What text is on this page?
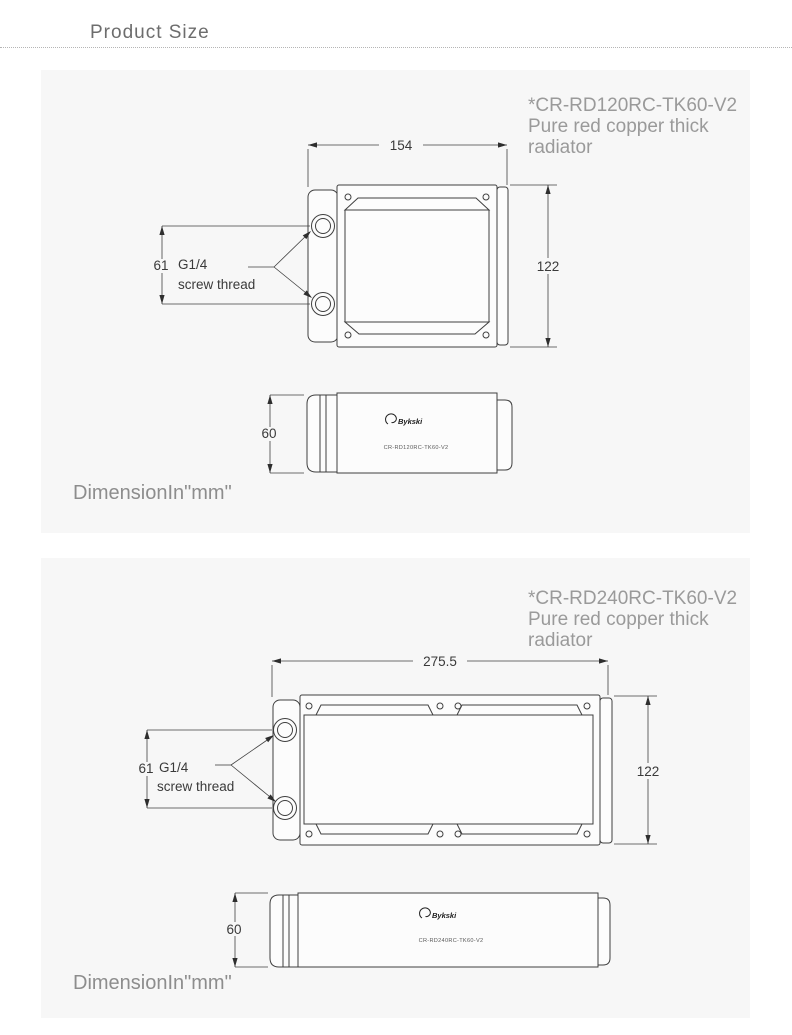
Product Size
*CR-RD120RC-TK60-V2
Pure red copper thick
radiator
154
122
61 G1/4
screw thread
Bykski
CR-RD120RC-TK60-V2
60
DimensionIn"mm"
*CR-RD240RC-TK60-V2
Pure red copper thick
radiator
275.5
122
61 G1/4
screw thread
Bykski
CR-RD240RC-TK60-V2
60
DimensionIn"mm"
